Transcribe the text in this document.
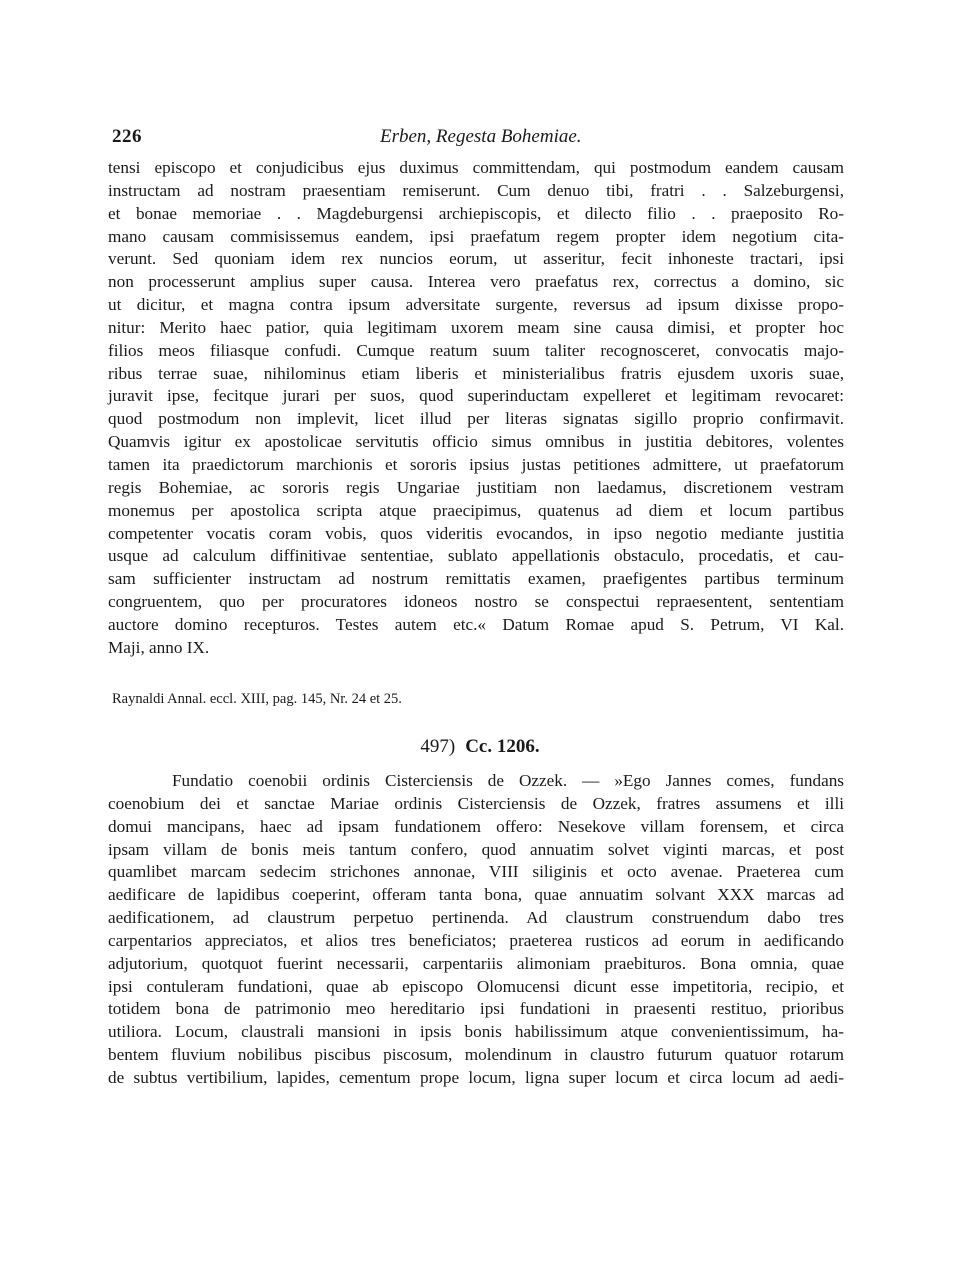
226	Erben, Regesta Bohemiae.
tensi episcopo et conjudicibus ejus duximus committendam, qui postmodum eandem causam
instructam ad nostram praesentiam remiserunt. Cum denuo tibi, fratri . . Salzeburgensi,
et bonae memoriae . . Magdeburgensi archiepiscopis, et dilecto filio . . praeposito Ro-
mano causam commisissemus eandem, ipsi praefatum regem propter idem negotium cita-
verunt. Sed quoniam idem rex nuncios eorum, ut asseritur, fecit inhoneste tractari, ipsi
non processerunt amplius super causa. Interea vero praefatus rex, correctus a domino, sic
ut dicitur, et magna contra ipsum adversitate surgente, reversus ad ipsum dixisse propo-
nitur: Merito haec patior, quia legitimam uxorem meam sine causa dimisi, et propter hoc
filios meos filiasque confudi. Cumque reatum suum taliter recognosceret, convocatis majo-
ribus terrae suae, nihilominus etiam liberis et ministerialibus fratris ejusdem uxoris suae,
juravit ipse, fecitque jurari per suos, quod superinductam expelleret et legitimam revocaret:
quod postmodum non implevit, licet illud per literas signatas sigillo proprio confirmavit.
Quamvis igitur ex apostolicae servitutis officio simus omnibus in justitia debitores, volentes
tamen ita praedictorum marchionis et sororis ipsius justas petitiones admittere, ut praefatorum
regis Bohemiae, ac sororis regis Ungariae justitiam non laedamus, discretionem vestram
monemus per apostolica scripta atque praecipimus, quatenus ad diem et locum partibus
competenter vocatis coram vobis, quos videritis evocandos, in ipso negotio mediante justitia
usque ad calculum diffinitivae sententiae, sublato appellationis obstaculo, procedatis, et cau-
sam sufficienter instructam ad nostrum remittatis examen, praefigentes partibus terminum
congruentem, quo per procuratores idoneos nostro se conspectui repraesentent, sententiam
auctore domino recepturos. Testes autem etc.« Datum Romae apud S. Petrum, VI Kal.
Maji, anno IX.
Raynaldi Annal. eccl. XIII, pag. 145, Nr. 24 et 25.
497) Cc. 1206.
Fundatio coenobii ordinis Cisterciensis de Ozzek. — »Ego Jannes comes, fundans
coenobium dei et sanctae Mariae ordinis Cisterciensis de Ozzek, fratres assumens et illi
domui mancipans, haec ad ipsam fundationem offero: Nesekove villam forensem, et circa
ipsam villam de bonis meis tantum confero, quod annuatim solvet viginti marcas, et post
quamlibet marcam sedecim strichones annonae, VIII siliginis et octo avenae. Praeterea cum
aedificare de lapidibus coeperint, offeram tanta bona, quae annuatim solvant XXX marcas ad
aedificationem, ad claustrum perpetuo pertinenda. Ad claustrum construendum dabo tres
carpentarios appreciatos, et alios tres beneficiatos; praeterea rusticos ad eorum in aedificando
adjutorium, quotquot fuerint necessarii, carpentariis alimoniam praebituros. Bona omnia, quae
ipsi contuleram fundationi, quae ab episcopo Olomucensi dicunt esse impetitoria, recipio, et
totidem bona de patrimonio meo hereditario ipsi fundationi in praesenti restituo, prioribus
utiliora. Locum, claustrali mansioni in ipsis bonis habilissimum atque convenientissimum, ha-
bentem fluvium nobilibus piscibus piscosum, molendinum in claustro futurum quatuor rotarum
de subtus vertibilium, lapides, cementum prope locum, ligna super locum et circa locum ad aedi-
